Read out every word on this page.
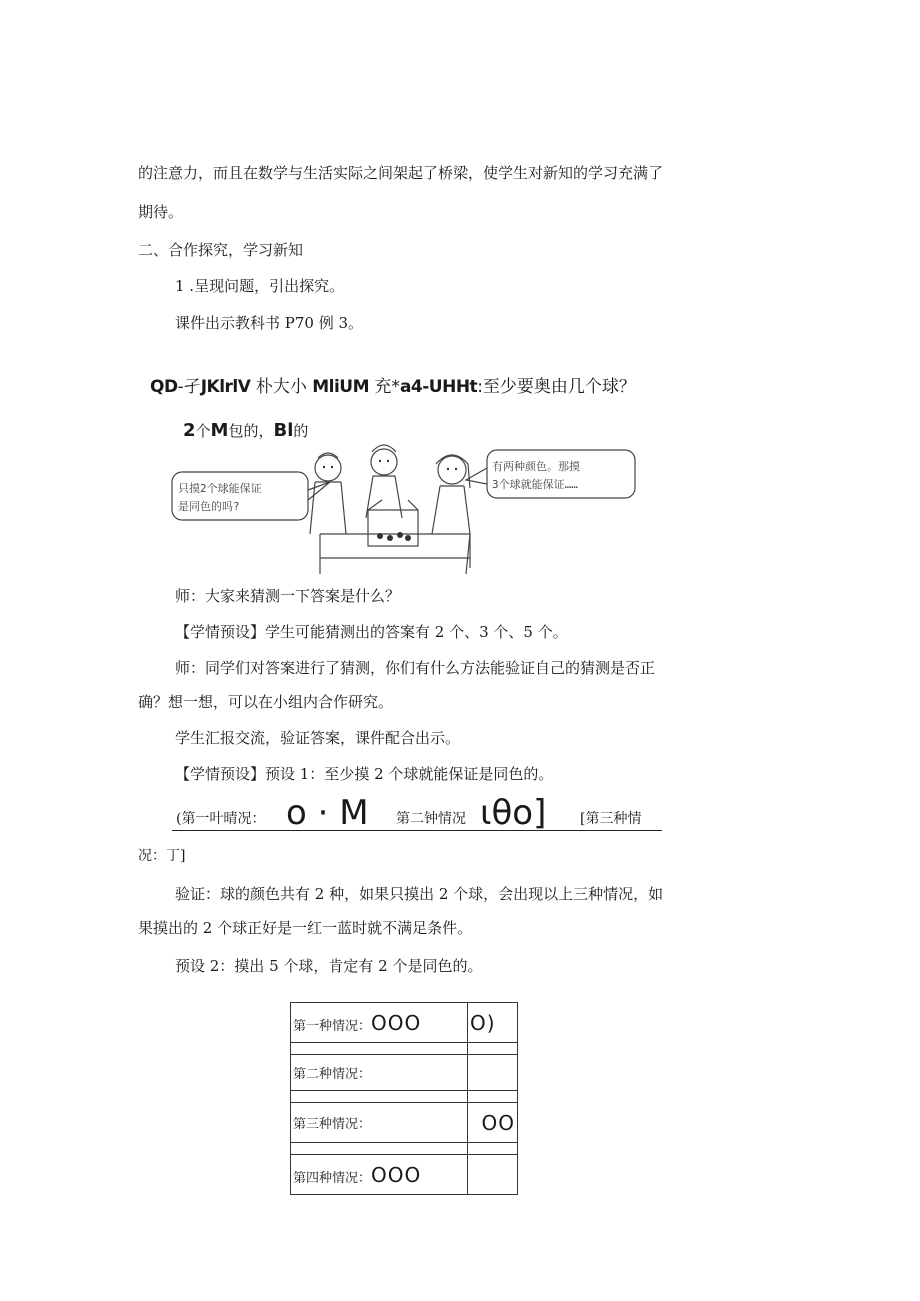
的注意力，而且在数学与生活实际之间架起了桥梁，使学生对新知的学习充满了
期待。
二、合作探究，学习新知
1 .呈现问题，引出探究。
课件出示教科书 P70 例 3。
QD-孑JKlrlV 朴大小 MliUM 充*a4-UHHt:至少要奥由几个球？
2个M包的，Bl的
只摸2个球能保证
是同色的吗?
有两种颜色。那摸
3个球就能保证……
师：大家来猜测一下答案是什么？
【学情预设】学生可能猜测出的答案有 2 个、3 个、5 个。
师：同学们对答案进行了猜测，你们有什么方法能验证自己的猜测是否正
确？想一想，可以在小组内合作研究。
学生汇报交流，验证答案，课件配合出示。
【学情预设】预设 1：至少摸 2 个球就能保证是同色的。
(第一叶晴况： o · M 第二钟情况 ιθo] [第三种情
况：丁]
验证：球的颜色共有 2 种，如果只摸出 2 个球，会出现以上三种情况，如
果摸出的 2 个球正好是一红一蓝时就不满足条件。
预设 2：摸出 5 个球，肯定有 2 个是同色的。
第一种情况：OOO	O)

第二种情况：	

第三种情况：	OO

第四种情况：OOO	
